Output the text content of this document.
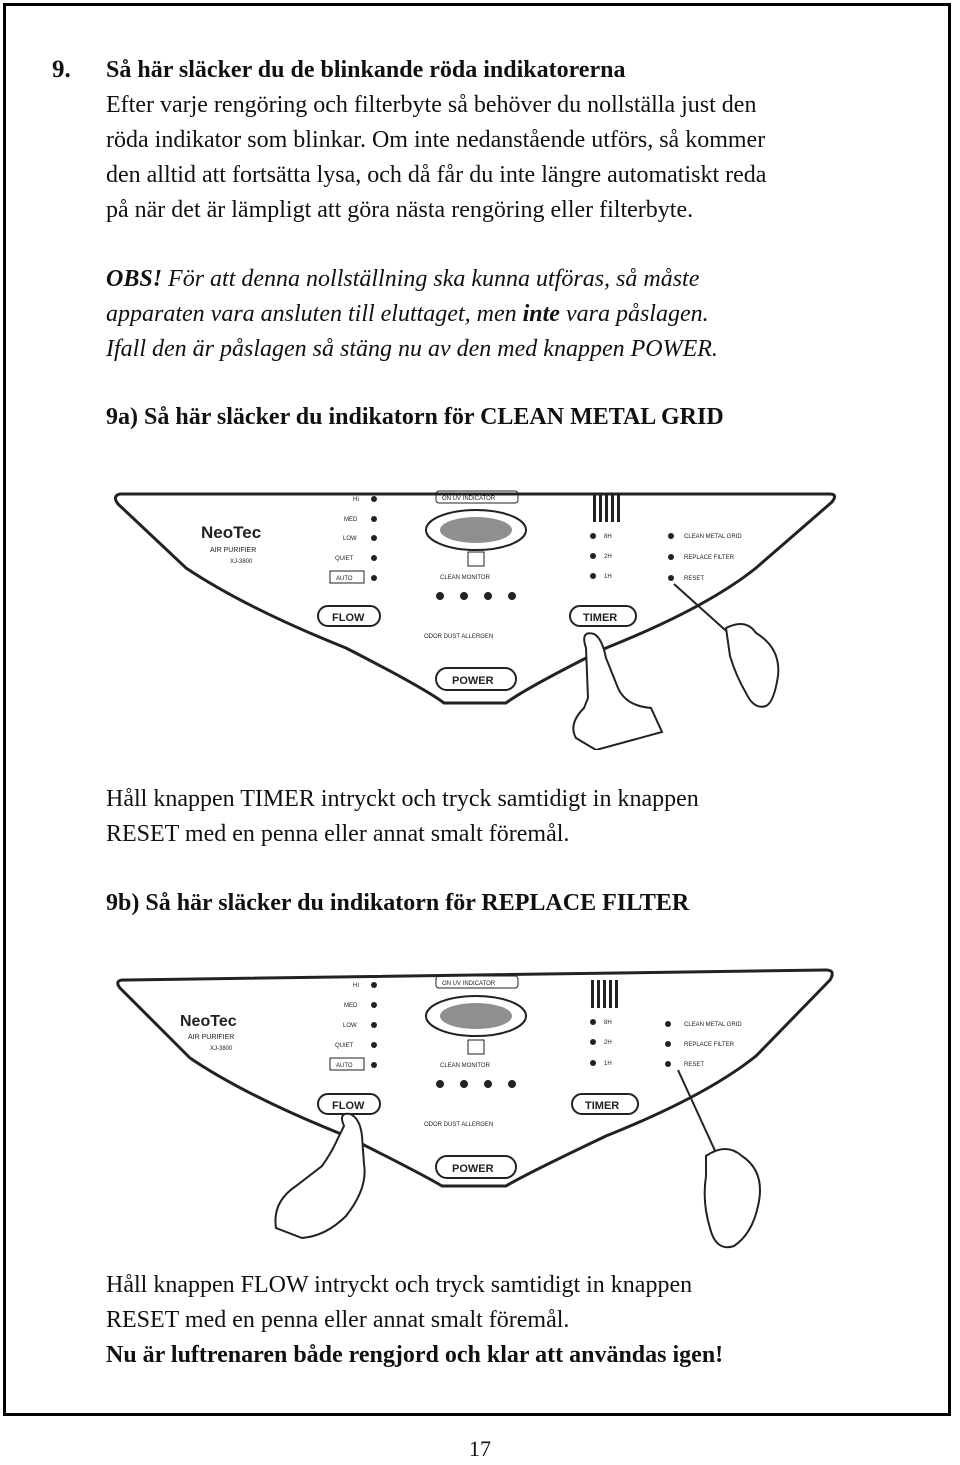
9. Så här släcker du de blinkande röda indikatorerna

Efter varje rengöring och filterbyte så behöver du nollställa just den

röda indikator som blinkar. Om inte nedanstående utförs, så kommer

den alltid att fortsätta lysa, och då får du inte längre automatiskt reda

på när det är lämpligt att göra nästa rengöring eller filterbyte.

OBS! För att denna nollställning ska kunna utföras, så måste

apparaten vara ansluten till eluttaget, men inte vara påslagen.

Ifall den är påslagen så stäng nu av den med knappen POWER.

9a) Så här släcker du indikatorn för CLEAN METAL GRID

NeoTec
AIR PURIFIER
XJ-3800
HI
MED
LOW
QUIET
AUTO
ON UV INDICATOR
CLEAN MONITOR
ODOR DUST ALLERGEN
8H
2H
1H
CLEAN METAL GRID
REPLACE FILTER
RESET
FLOW	TIMER
POWER

Håll knappen TIMER intryckt och tryck samtidigt in knappen

RESET med en penna eller annat smalt föremål.

9b) Så här släcker du indikatorn för REPLACE FILTER

NeoTec
AIR PURIFIER
XJ-3800
HI
MED
LOW
QUIET
AUTO
ON UV INDICATOR
CLEAN MONITOR
ODOR DUST ALLERGEN
8H
2H
1H
CLEAN METAL GRID
REPLACE FILTER
RESET
FLOW	TIMER
POWER

Håll knappen FLOW intryckt och tryck samtidigt in knappen

RESET med en penna eller annat smalt föremål.

Nu är luftrenaren både rengjord och klar att användas igen!

17
